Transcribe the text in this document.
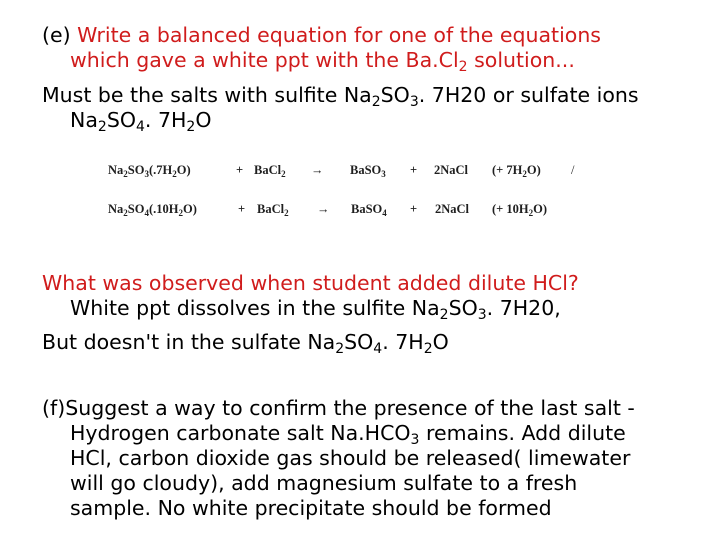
(e) Write a balanced equation for one of the equations
which gave a white ppt with the $Ba.Cl_2$ solution...
Must be the salts with sulfite $Na_2SO_3$. 7H20 or sulfate ions
$Na_2SO_4$. $7H_2O$
$Na_2SO_3(.7H_2O)$	+ BaCl$_2$ → BaSO$_3$ + 2NaCl (+ $7H_2O$) /
$Na_2SO_4(.10H_2O)$	+ BaCl$_2$ → BaSO$_4$ + 2NaCl (+ $10H_2O$)
What was observed when student added dilute HCl?
White ppt dissolves in the sulfite $Na_2SO_3$. 7H20,
But doesn't in the sulfate $Na_2SO_4$. $7H_2O$
(f)Suggest a way to confirm the presence of the last salt -
Hydrogen carbonate salt $Na.HCO_3$ remains. Add dilute
HCl, carbon dioxide gas should be released( limewater
will go cloudy), add magnesium sulfate to a fresh
sample. No white precipitate should be formed
